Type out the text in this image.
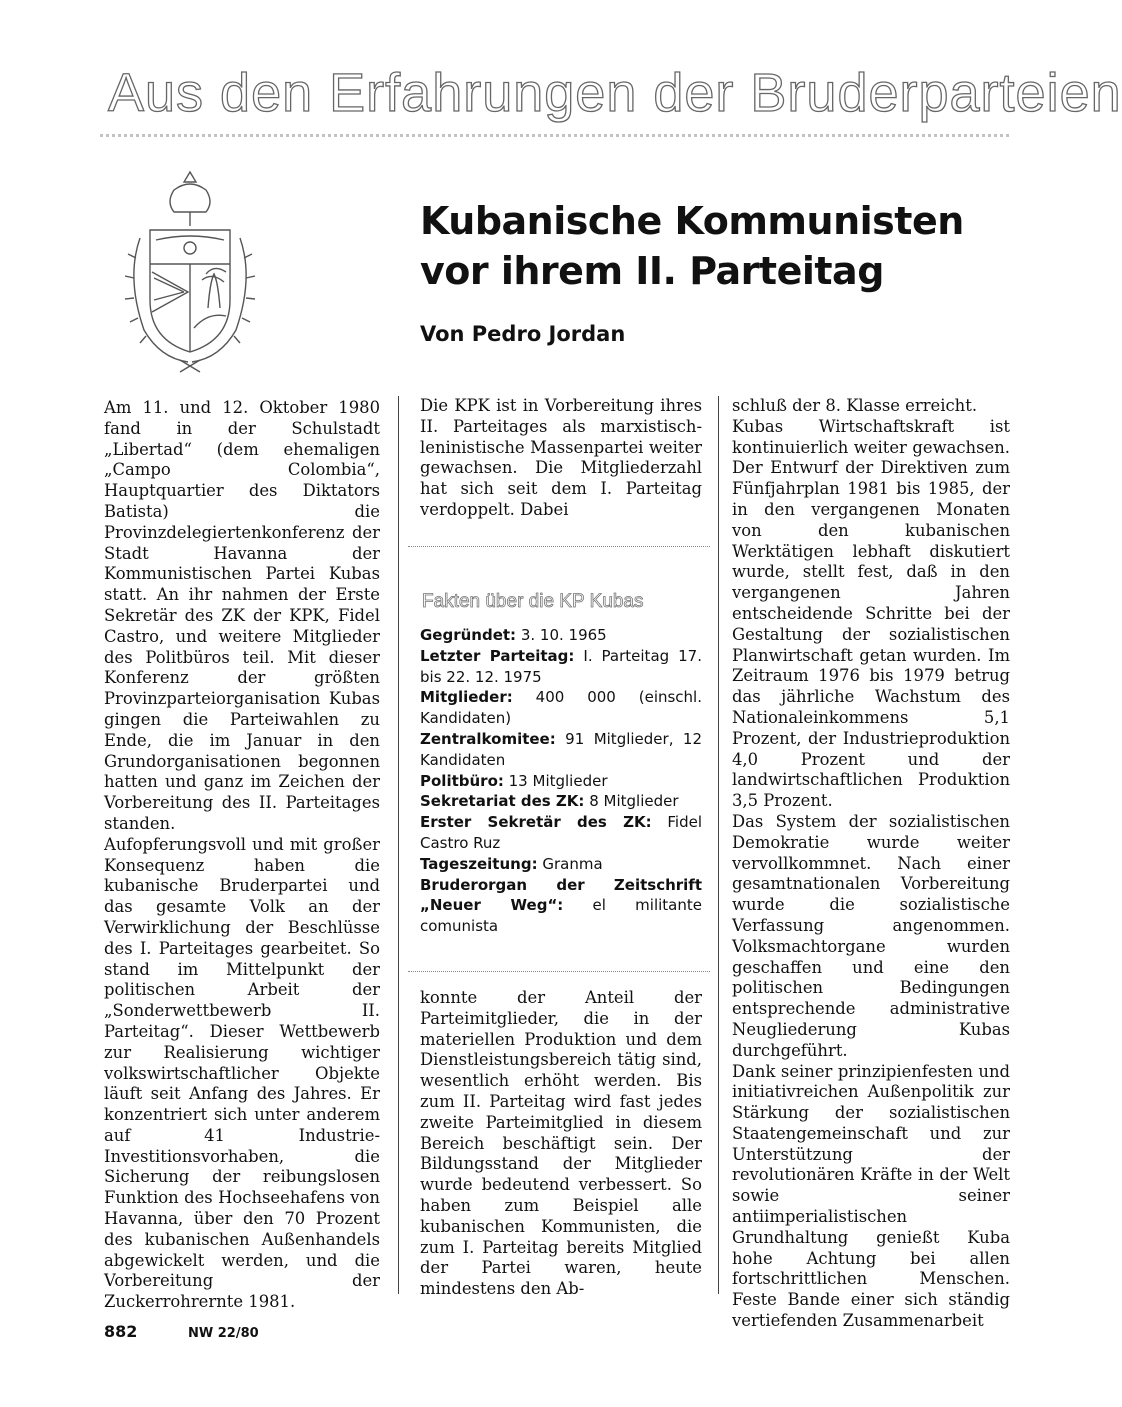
Aus den Erfahrungen der Bruderparteien
Kubanische Kommunisten
vor ihrem II. Parteitag
Von Pedro Jordan

Am 11. und 12. Oktober 1980 fand in der Schulstadt „Libertad“ (dem ehemaligen „Campo Colombia“, Hauptquartier des Diktators Batista) die Provinzdelegiertenkonferenz der Stadt Havanna der Kommunistischen Partei Kubas statt. An ihr nahmen der Erste Sekretär des ZK der KPK, Fidel Castro, und weitere Mitglieder des Politbüros teil. Mit dieser Konferenz der größten Provinzparteiorganisation Kubas gingen die Parteiwahlen zu Ende, die im Januar in den Grundorganisationen begonnen hatten und ganz im Zeichen der Vorbereitung des II. Parteitages standen.

Aufopferungsvoll und mit großer Konsequenz haben die kubanische Bruderpartei und das gesamte Volk an der Verwirklichung der Beschlüsse des I. Parteitages gearbeitet. So stand im Mittelpunkt der politischen Arbeit der „Sonderwettbewerb II. Parteitag“. Dieser Wettbewerb zur Realisierung wichtiger volkswirtschaftlicher Objekte läuft seit Anfang des Jahres. Er konzentriert sich unter anderem auf 41 Industrie-Investitionsvorhaben, die Sicherung der reibungslosen Funktion des Hochseehafens von Havanna, über den 70 Prozent des kubanischen Außenhandels abgewickelt werden, und die Vorbereitung der Zuckerrohrernte 1981.

Die KPK ist in Vorbereitung ihres II. Parteitages als marxistisch-leninistische Massenpartei weiter gewachsen. Die Mitgliederzahl hat sich seit dem I. Parteitag verdoppelt. Dabei

Fakten über die KP Kubas

Gegründet: 3. 10. 1965

Letzter Parteitag: I. Parteitag 17. bis 22. 12. 1975

Mitglieder: 400 000 (einschl. Kandidaten)

Zentralkomitee: 91 Mitglieder, 12 Kandidaten

Politbüro: 13 Mitglieder

Sekretariat des ZK: 8 Mitglieder

Erster Sekretär des ZK: Fidel Castro Ruz

Tageszeitung: Granma

Bruderorgan der Zeitschrift „Neuer Weg“: el militante comunista

konnte der Anteil der Parteimitglieder, die in der materiellen Produktion und dem Dienstleistungsbereich tätig sind, wesentlich erhöht werden. Bis zum II. Parteitag wird fast jedes zweite Parteimitglied in diesem Bereich beschäftigt sein. Der Bildungsstand der Mitglieder wurde bedeutend verbessert. So haben zum Beispiel alle kubanischen Kommunisten, die zum I. Parteitag bereits Mitglied der Partei waren, heute mindestens den Ab-

schluß der 8. Klasse erreicht.

Kubas Wirtschaftskraft ist kontinuierlich weiter gewachsen. Der Entwurf der Direktiven zum Fünfjahrplan 1981 bis 1985, der in den vergangenen Monaten von den kubanischen Werktätigen lebhaft diskutiert wurde, stellt fest, daß in den vergangenen Jahren entscheidende Schritte bei der Gestaltung der sozialistischen Planwirtschaft getan wurden. Im Zeitraum 1976 bis 1979 betrug das jährliche Wachstum des Nationaleinkommens 5,1 Prozent, der Industrieproduktion 4,0 Prozent und der landwirtschaftlichen Produktion 3,5 Prozent.

Das System der sozialistischen Demokratie wurde weiter vervollkommnet. Nach einer gesamtnationalen Vorbereitung wurde die sozialistische Verfassung angenommen. Volksmachtorgane wurden geschaffen und eine den politischen Bedingungen entsprechende administrative Neugliederung Kubas durchgeführt.

Dank seiner prinzipienfesten und initiativreichen Außenpolitik zur Stärkung der sozialistischen Staatengemeinschaft und zur Unterstützung der revolutionären Kräfte in der Welt sowie seiner antiimperialistischen Grundhaltung genießt Kuba hohe Achtung bei allen fortschrittlichen Menschen. Feste Bande einer sich ständig vertiefenden Zusammenarbeit

882	NW 22/80
